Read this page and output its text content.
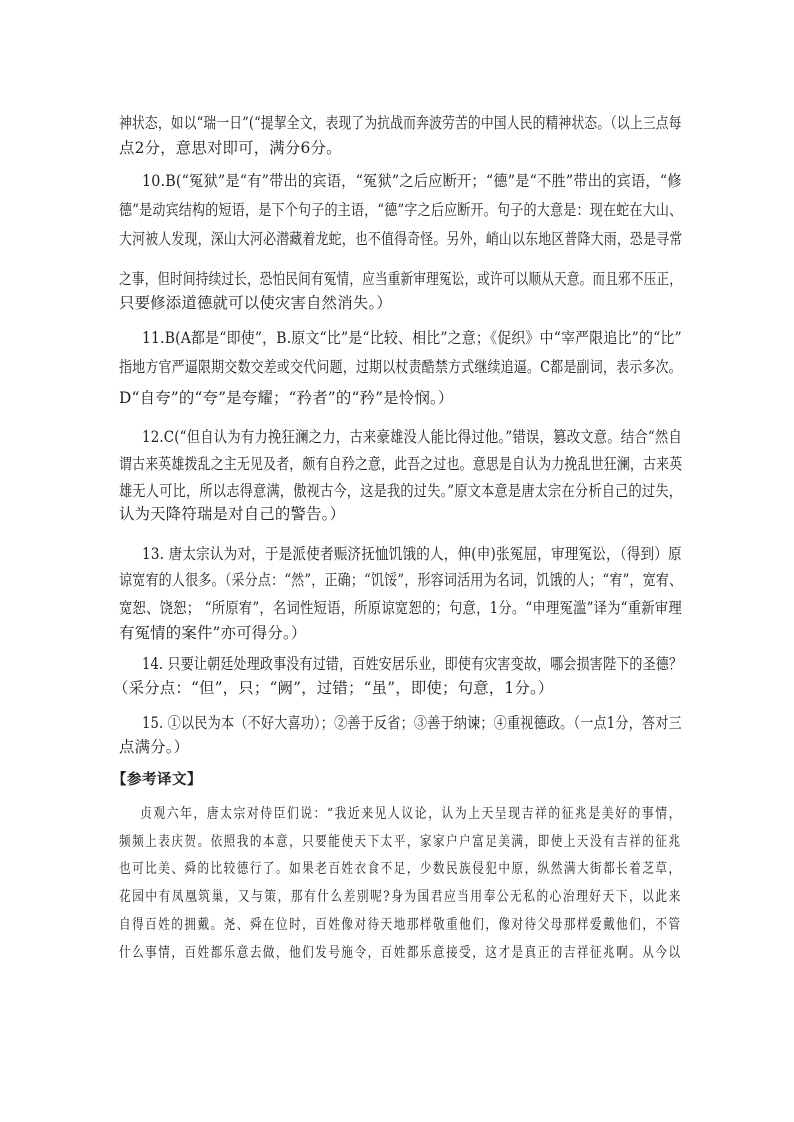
神状态，如以“瑞一日”(“提挈全文，表现了为抗战而奔波劳苦的中国人民的精神状态。（以上三点每
点2分，意思对即可，满分6分。
10.B(“冤狱”是“有”带出的宾语，“冤狱”之后应断开；“德”是“不胜”带出的宾语，“修
德”是动宾结构的短语，是下个句子的主语，“德”字之后应断开。句子的大意是：现在蛇在大山、
大河被人发现，深山大河必潜藏着龙蛇，也不值得奇怪。另外，峭山以东地区普降大雨，恐是寻常
之事，但时间持续过长，恐怕民间有冤情，应当重新审理冤讼，或许可以顺从天意。而且邪不压正，
只要修添道德就可以使灾害自然消失。）
11.B(A都是“即使”，B.原文“比”是“比较、相比”之意；《促织》中“宰严限追比”的“比”
指地方官严逼限期交数交差或交代问题，过期以杖责酷禁方式继续追逼。C都是副词，表示多次。
D“自夸”的“夸”是夸耀；“矜者”的“矜”是怜悯。）
12.C(“但自认为有力挽狂澜之力，古来豪雄没人能比得过他。”错误，篡改文意。结合“然自
谓古来英雄拨乱之主无见及者，颇有自矜之意，此吾之过也。意思是自认为力挽乱世狂澜，古来英
雄无人可比，所以志得意满，傲视古今，这是我的过失。”原文本意是唐太宗在分析自己的过失，
认为天降符瑞是对自己的警告。）
13. 唐太宗认为对，于是派使者赈济抚恤饥饿的人，伸(申)张冤屈，审理冤讼，（得到）原
谅宽宥的人很多。（采分点：“然”，正确；“饥馁”，形容词活用为名词，饥饿的人；“宥”，宽宥、
宽恕、饶恕； “所原宥”，名词性短语，所原谅宽恕的；句意，1分。“申理冤滥”译为“重新审理
有冤情的案件”亦可得分。）
14. 只要让朝廷处理政事没有过错，百姓安居乐业，即使有灾害变故，哪会损害陛下的圣德？
（采分点：“但”，只；“阙”，过错；“虽”，即使；句意，1分。）
15. ①以民为本（不好大喜功）；②善于反省；③善于纳谏；④重视德政。（一点1分，答对三
点满分。）
【参考译文】
贞观六年，唐太宗对侍臣们说：“我近来见人议论，认为上天呈现吉祥的征兆是美好的事情，
频频上表庆贺。依照我的本意，只要能使天下太平，家家户户富足美满，即使上天没有吉祥的征兆
也可比美、舜的比较德行了。如果老百姓衣食不足，少数民族侵犯中原，纵然满大街都长着芝草，
花园中有凤凰筑巢，又与策，那有什么差别呢?身为国君应当用奉公无私的心治理好天下，以此来
自得百姓的拥戴。尧、舜在位时，百姓像对待天地那样敬重他们，像对待父母那样爱戴他们，不管
什么事情，百姓都乐意去做，他们发号施令，百姓都乐意接受，这才是真正的吉祥征兆啊。从今以
